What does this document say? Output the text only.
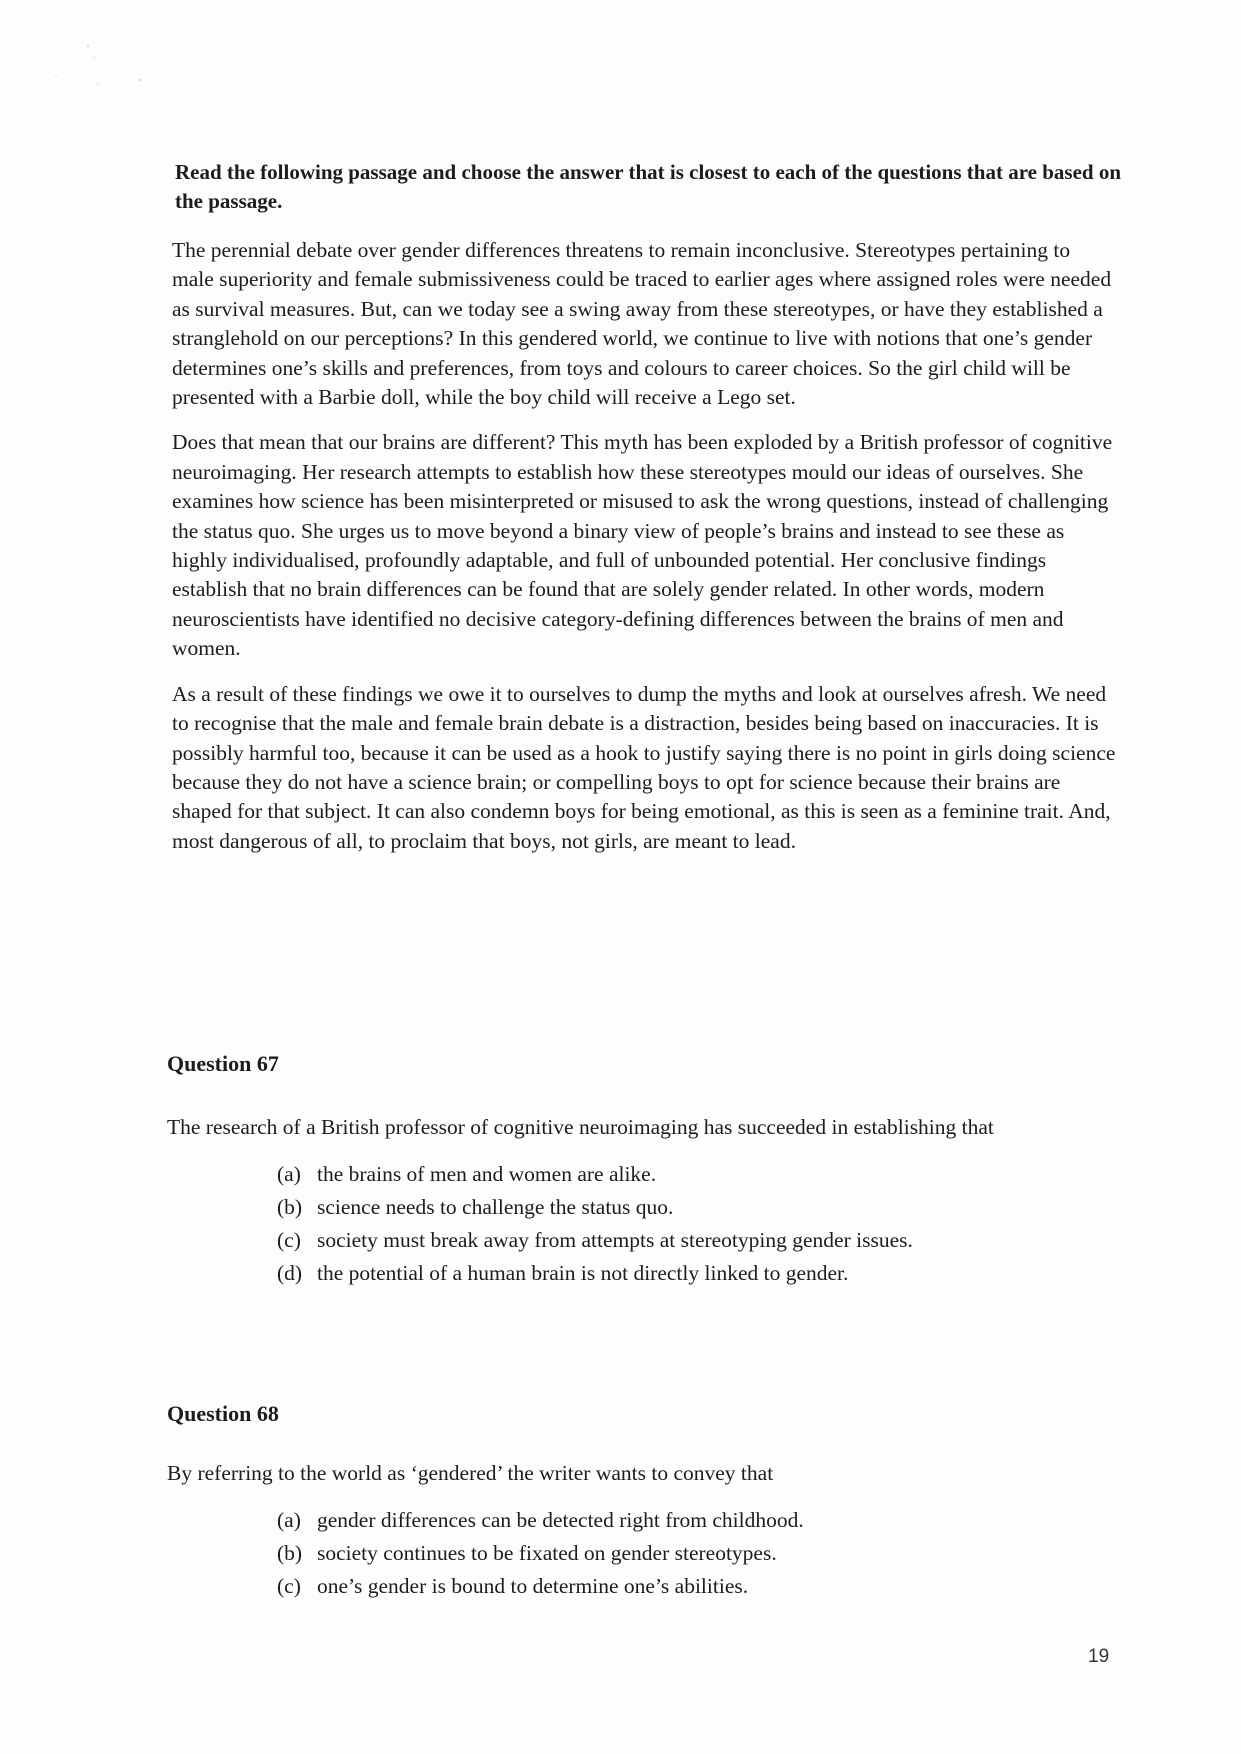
Read the following passage and choose the answer that is closest to each of the questions that are based on the passage.

The perennial debate over gender differences threatens to remain inconclusive. Stereotypes pertaining to male superiority and female submissiveness could be traced to earlier ages where assigned roles were needed as survival measures. But, can we today see a swing away from these stereotypes, or have they established a stranglehold on our perceptions? In this gendered world, we continue to live with notions that one’s gender determines one’s skills and preferences, from toys and colours to career choices. So the girl child will be presented with a Barbie doll, while the boy child will receive a Lego set.

Does that mean that our brains are different? This myth has been exploded by a British professor of cognitive neuroimaging. Her research attempts to establish how these stereotypes mould our ideas of ourselves. She examines how science has been misinterpreted or misused to ask the wrong questions, instead of challenging the status quo. She urges us to move beyond a binary view of people’s brains and instead to see these as highly individualised, profoundly adaptable, and full of unbounded potential. Her conclusive findings establish that no brain differences can be found that are solely gender related. In other words, modern neuroscientists have identified no decisive category-defining differences between the brains of men and women.

As a result of these findings we owe it to ourselves to dump the myths and look at ourselves afresh. We need to recognise that the male and female brain debate is a distraction, besides being based on inaccuracies. It is possibly harmful too, because it can be used as a hook to justify saying there is no point in girls doing science because they do not have a science brain; or compelling boys to opt for science because their brains are shaped for that subject. It can also condemn boys for being emotional, as this is seen as a feminine trait. And, most dangerous of all, to proclaim that boys, not girls, are meant to lead.

Question 67

The research of a British professor of cognitive neuroimaging has succeeded in establishing that

(a) the brains of men and women are alike.
(b) science needs to challenge the status quo.
(c) society must break away from attempts at stereotyping gender issues.
(d) the potential of a human brain is not directly linked to gender.

Question 68

By referring to the world as ‘gendered’ the writer wants to convey that

(a) gender differences can be detected right from childhood.
(b) society continues to be fixated on gender stereotypes.
(c) one’s gender is bound to determine one’s abilities.
19
